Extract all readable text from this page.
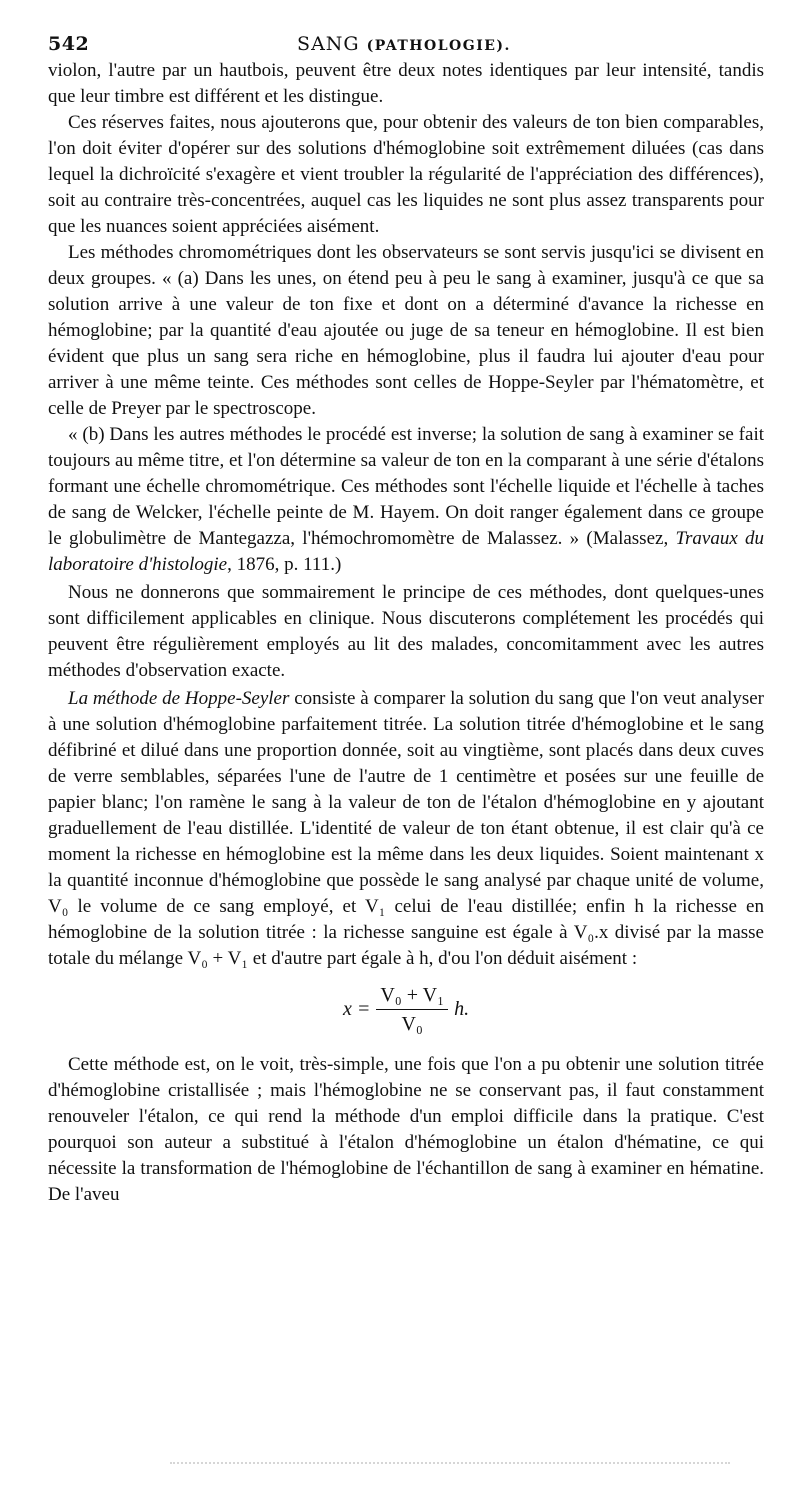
542	SANG (PATHOLOGIE).

violon, l'autre par un hautbois, peuvent être deux notes identiques par leur intensité, tandis que leur timbre est différent et les distingue.

Ces réserves faites, nous ajouterons que, pour obtenir des valeurs de ton bien comparables, l'on doit éviter d'opérer sur des solutions d'hémoglobine soit extrêmement diluées (cas dans lequel la dichroïcité s'exagère et vient troubler la régularité de l'appréciation des différences), soit au contraire très-concentrées, auquel cas les liquides ne sont plus assez transparents pour que les nuances soient appréciées aisément.

Les méthodes chromométriques dont les observateurs se sont servis jusqu'ici se divisent en deux groupes. « (a) Dans les unes, on étend peu à peu le sang à examiner, jusqu'à ce que sa solution arrive à une valeur de ton fixe et dont on a déterminé d'avance la richesse en hémoglobine; par la quantité d'eau ajoutée ou juge de sa teneur en hémoglobine. Il est bien évident que plus un sang sera riche en hémoglobine, plus il faudra lui ajouter d'eau pour arriver à une même teinte. Ces méthodes sont celles de Hoppe-Seyler par l'hématomètre, et celle de Preyer par le spectroscope.

« (b) Dans les autres méthodes le procédé est inverse; la solution de sang à examiner se fait toujours au même titre, et l'on détermine sa valeur de ton en la comparant à une série d'étalons formant une échelle chromométrique. Ces méthodes sont l'échelle liquide et l'échelle à taches de sang de Welcker, l'échelle peinte de M. Hayem. On doit ranger également dans ce groupe le globulimètre de Mantegazza, l'hémochromomètre de Malassez. » (Malassez, Travaux du laboratoire d'histologie, 1876, p. 111.)

Nous ne donnerons que sommairement le principe de ces méthodes, dont quelques-unes sont difficilement applicables en clinique. Nous discuterons complétement les procédés qui peuvent être régulièrement employés au lit des malades, concomitamment avec les autres méthodes d'observation exacte.

La méthode de Hoppe-Seyler consiste à comparer la solution du sang que l'on veut analyser à une solution d'hémoglobine parfaitement titrée. La solution titrée d'hémoglobine et le sang défibriné et dilué dans une proportion donnée, soit au vingtième, sont placés dans deux cuves de verre semblables, séparées l'une de l'autre de 1 centimètre et posées sur une feuille de papier blanc; l'on ramène le sang à la valeur de ton de l'étalon d'hémoglobine en y ajoutant graduellement de l'eau distillée. L'identité de valeur de ton étant obtenue, il est clair qu'à ce moment la richesse en hémoglobine est la même dans les deux liquides. Soient maintenant x la quantité inconnue d'hémoglobine que possède le sang analysé par chaque unité de volume, V₀ le volume de ce sang employé, et V₁ celui de l'eau distillée; enfin h la richesse en hémoglobine de la solution titrée : la richesse sanguine est égale à V₀.x divisé par la masse totale du mélange V₀ + V₁ et d'autre part égale à h, d'ou l'on déduit aisément :

$x = \frac{\text{V₀ + V₁}}{\text{V₀}} h$.

Cette méthode est, on le voit, très-simple, une fois que l'on a pu obtenir une solution titrée d'hémoglobine cristallisée ; mais l'hémoglobine ne se conservant pas, il faut constamment renouveler l'étalon, ce qui rend la méthode d'un emploi difficile dans la pratique. C'est pourquoi son auteur a substitué à l'étalon d'hémoglobine un étalon d'hématine, ce qui nécessite la transformation de l'hémoglobine de l'échantillon de sang à examiner en hématine. De l'aveu
